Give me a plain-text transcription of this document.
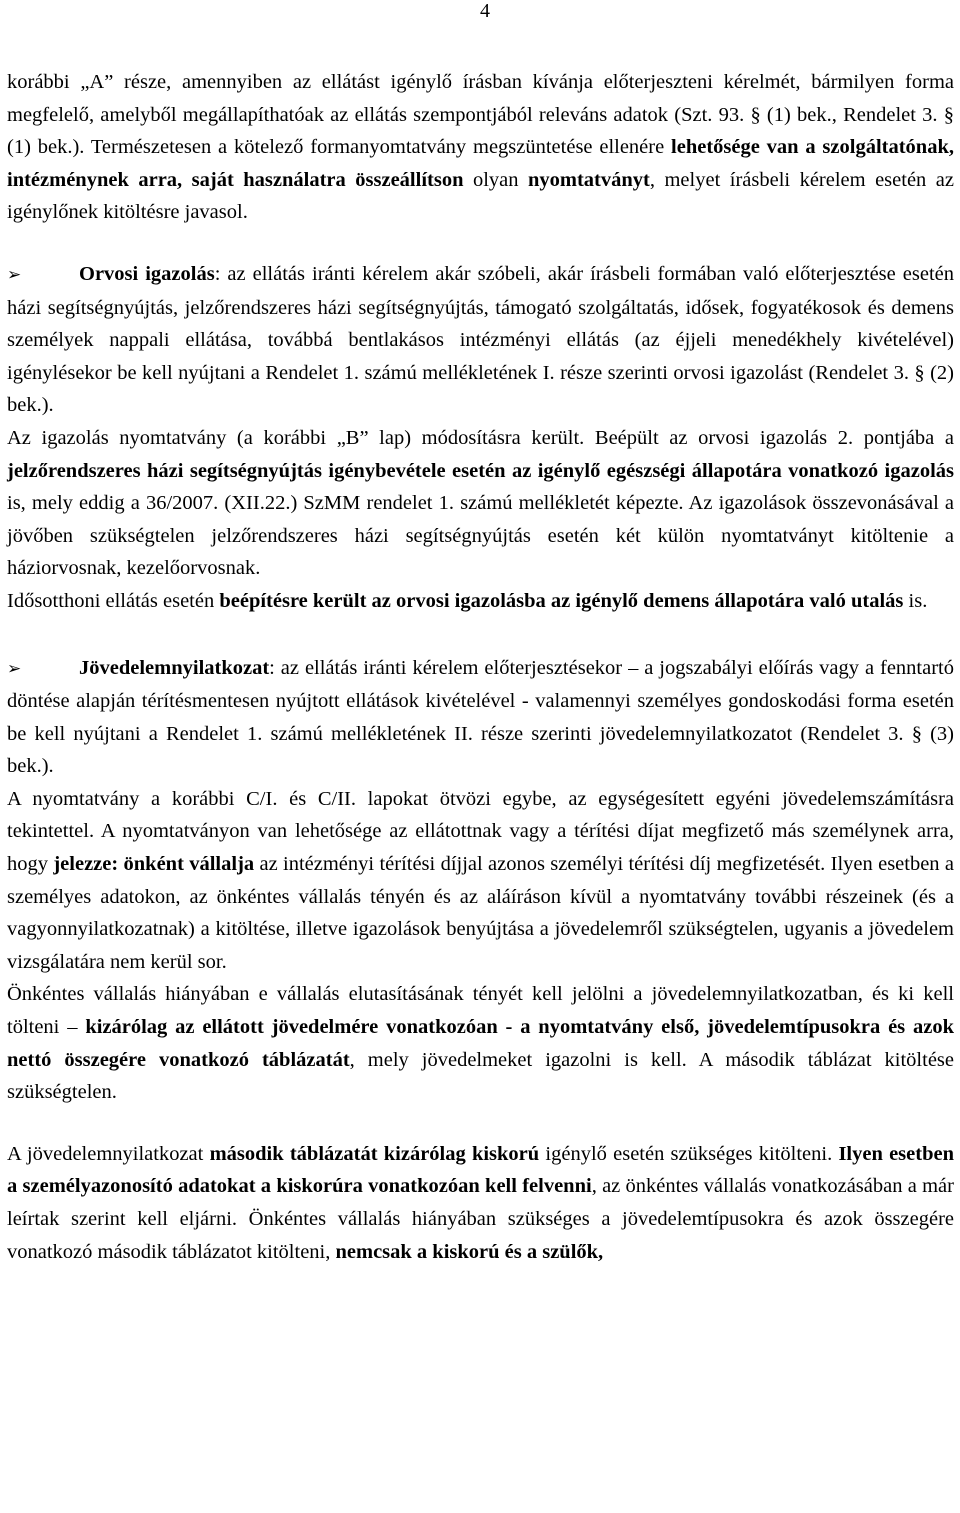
4

korábbi „A” része, amennyiben az ellátást igénylő írásban kívánja előterjeszteni kérelmét, bármilyen forma megfelelő, amelyből megállapíthatóak az ellátás szempontjából releváns adatok (Szt. 93. § (1) bek., Rendelet 3. § (1) bek.). Természetesen a kötelező formanyomtatvány megszüntetése ellenére lehetősége van a szolgáltatónak, intézménynek arra, saját használatra összeállítson olyan nyomtatványt, melyet írásbeli kérelem esetén az igénylőnek kitöltésre javasol.

➢	Orvosi igazolás: az ellátás iránti kérelem akár szóbeli, akár írásbeli formában való előterjesztése esetén házi segítségnyújtás, jelzőrendszeres házi segítségnyújtás, támogató szolgáltatás, idősek, fogyatékosok és demens személyek nappali ellátása, továbbá bentlakásos intézményi ellátás (az éjjeli menedékhely kivételével) igénylésekor be kell nyújtani a Rendelet 1. számú mellékletének I. része szerinti orvosi igazolást (Rendelet 3. § (2) bek.).

Az igazolás nyomtatvány (a korábbi „B” lap) módosításra került. Beépült az orvosi igazolás 2. pontjába a jelzőrendszeres házi segítségnyújtás igénybevétele esetén az igénylő egészségi állapotára vonatkozó igazolás is, mely eddig a 36/2007. (XII.22.) SzMM rendelet 1. számú mellékletét képezte. Az igazolások összevonásával a jövőben szükségtelen jelzőrendszeres házi segítségnyújtás esetén két külön nyomtatványt kitöltenie a háziorvosnak, kezelőorvosnak.

Idősotthoni ellátás esetén beépítésre került az orvosi igazolásba az igénylő demens állapotára való utalás is.

➢	Jövedelemnyilatkozat: az ellátás iránti kérelem előterjesztésekor – a jogszabályi előírás vagy a fenntartó döntése alapján térítésmentesen nyújtott ellátások kivételével - valamennyi személyes gondoskodási forma esetén be kell nyújtani a Rendelet 1. számú mellékletének II. része szerinti jövedelemnyilatkozatot (Rendelet 3. § (3) bek.).

A nyomtatvány a korábbi C/I. és C/II. lapokat ötvözi egybe, az egységesített egyéni jövedelemszámításra tekintettel. A nyomtatványon van lehetősége az ellátottnak vagy a térítési díjat megfizető más személynek arra, hogy jelezze: önként vállalja az intézményi térítési díjjal azonos személyi térítési díj megfizetését. Ilyen esetben a személyes adatokon, az önkéntes vállalás tényén és az aláíráson kívül a nyomtatvány további részeinek (és a vagyonnyilatkozatnak) a kitöltése, illetve igazolások benyújtása a jövedelemről szükségtelen, ugyanis a jövedelem vizsgálatára nem kerül sor.

Önkéntes vállalás hiányában e vállalás elutasításának tényét kell jelölni a jövedelemnyilatkozatban, és ki kell tölteni – kizárólag az ellátott jövedelmére vonatkozóan - a nyomtatvány első, jövedelemtípusokra és azok nettó összegére vonatkozó táblázatát, mely jövedelmeket igazolni is kell. A második táblázat kitöltése szükségtelen.

A jövedelemnyilatkozat második táblázatát kizárólag kiskorú igénylő esetén szükséges kitölteni. Ilyen esetben a személyazonosító adatokat a kiskorúra vonatkozóan kell felvenni, az önkéntes vállalás vonatkozásában a már leírtak szerint kell eljárni. Önkéntes vállalás hiányában szükséges a jövedelemtípusokra és azok összegére vonatkozó második táblázatot kitölteni, nemcsak a kiskorú és a szülők,
